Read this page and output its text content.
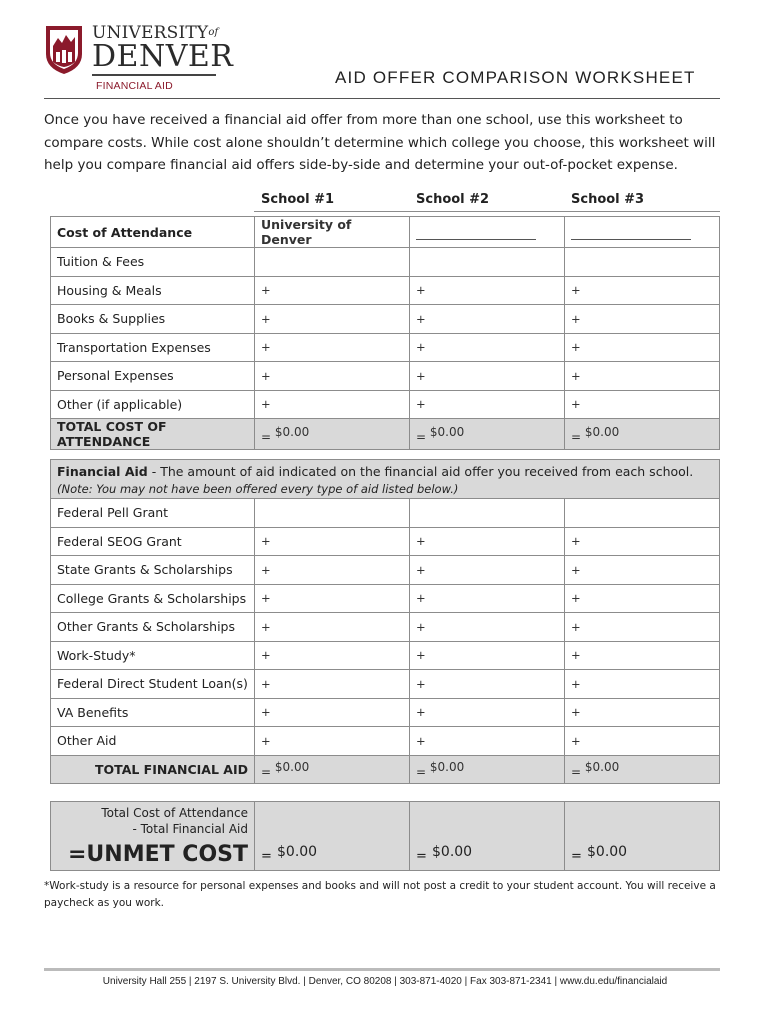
UNIVERSITYof
DENVER
FINANCIAL AID	AID OFFER COMPARISON WORKSHEET
Once you have received a financial aid offer from more than one school, use this worksheet to compare costs. While cost alone shouldn’t determine which college you choose, this worksheet will help you compare financial aid offers side-by-side and determine your out-of-pocket expense.
School #1	School #2	School #3
Cost of Attendance	University of Denver		
Tuition & Fees			
Housing & Meals	+	+	+
Books & Supplies	+	+	+
Transportation Expenses	+	+	+
Personal Expenses	+	+	+
Other (if applicable)	+	+	+
TOTAL COST OF ATTENDANCE	= $0.00	= $0.00	= $0.00
Financial Aid - The amount of aid indicated on the financial aid offer you received from each school. (Note: You may not have been offered every type of aid listed below.)
Federal Pell Grant			
Federal SEOG Grant	+	+	+
State Grants & Scholarships	+	+	+
College Grants & Scholarships	+	+	+
Other Grants & Scholarships	+	+	+
Work-Study*	+	+	+
Federal Direct Student Loan(s)	+	+	+
VA Benefits	+	+	+
Other Aid	+	+	+
TOTAL FINANCIAL AID	= $0.00	= $0.00	= $0.00
Total Cost of Attendance
- Total Financial Aid
=UNMET COST	= $0.00	= $0.00	= $0.00
*Work-study is a resource for personal expenses and books and will not post a credit to your student account. You will receive a paycheck as you work.
University Hall 255 | 2197 S. University Blvd. | Denver, CO 80208 | 303-871-4020 | Fax 303-871-2341 | www.du.edu/financialaid
